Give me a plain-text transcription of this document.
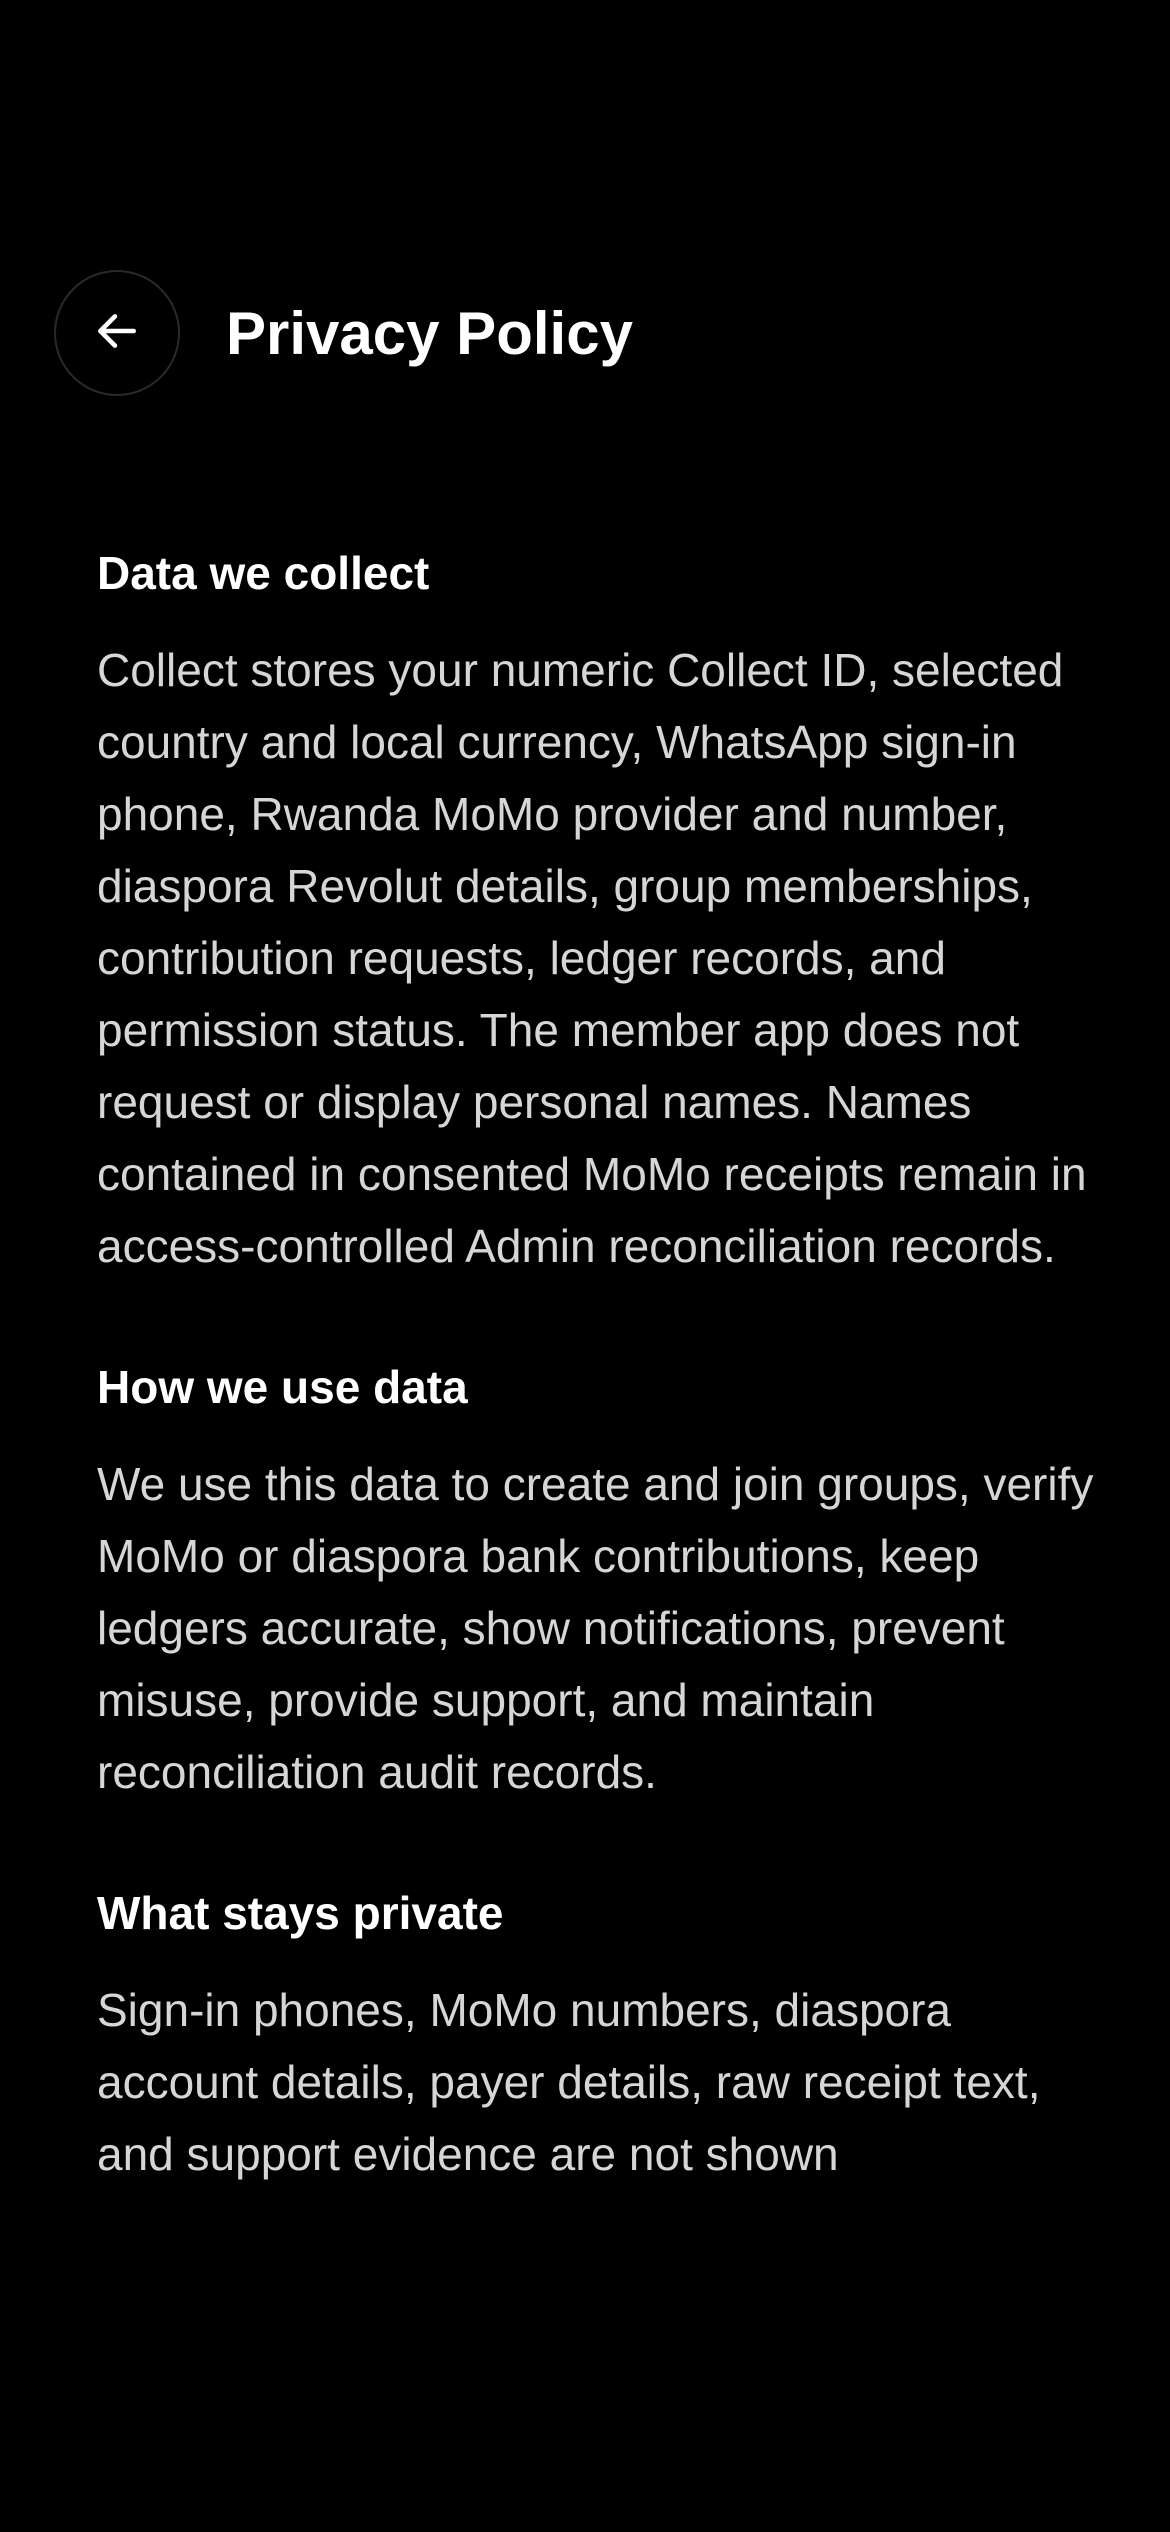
Privacy Policy
Data we collect

Collect stores your numeric Collect ID, selected country and local currency, WhatsApp sign-in phone, Rwanda MoMo provider and number, diaspora Revolut details, group memberships, contribution requests, ledger records, and permission status. The member app does not request or display personal names. Names contained in consented MoMo receipts remain in access-controlled Admin reconciliation records.

How we use data

We use this data to create and join groups, verify MoMo or diaspora bank contributions, keep ledgers accurate, show notifications, prevent misuse, provide support, and maintain reconciliation audit records.

What stays private

Sign-in phones, MoMo numbers, diaspora account details, payer details, raw receipt text, and support evidence are not shown
